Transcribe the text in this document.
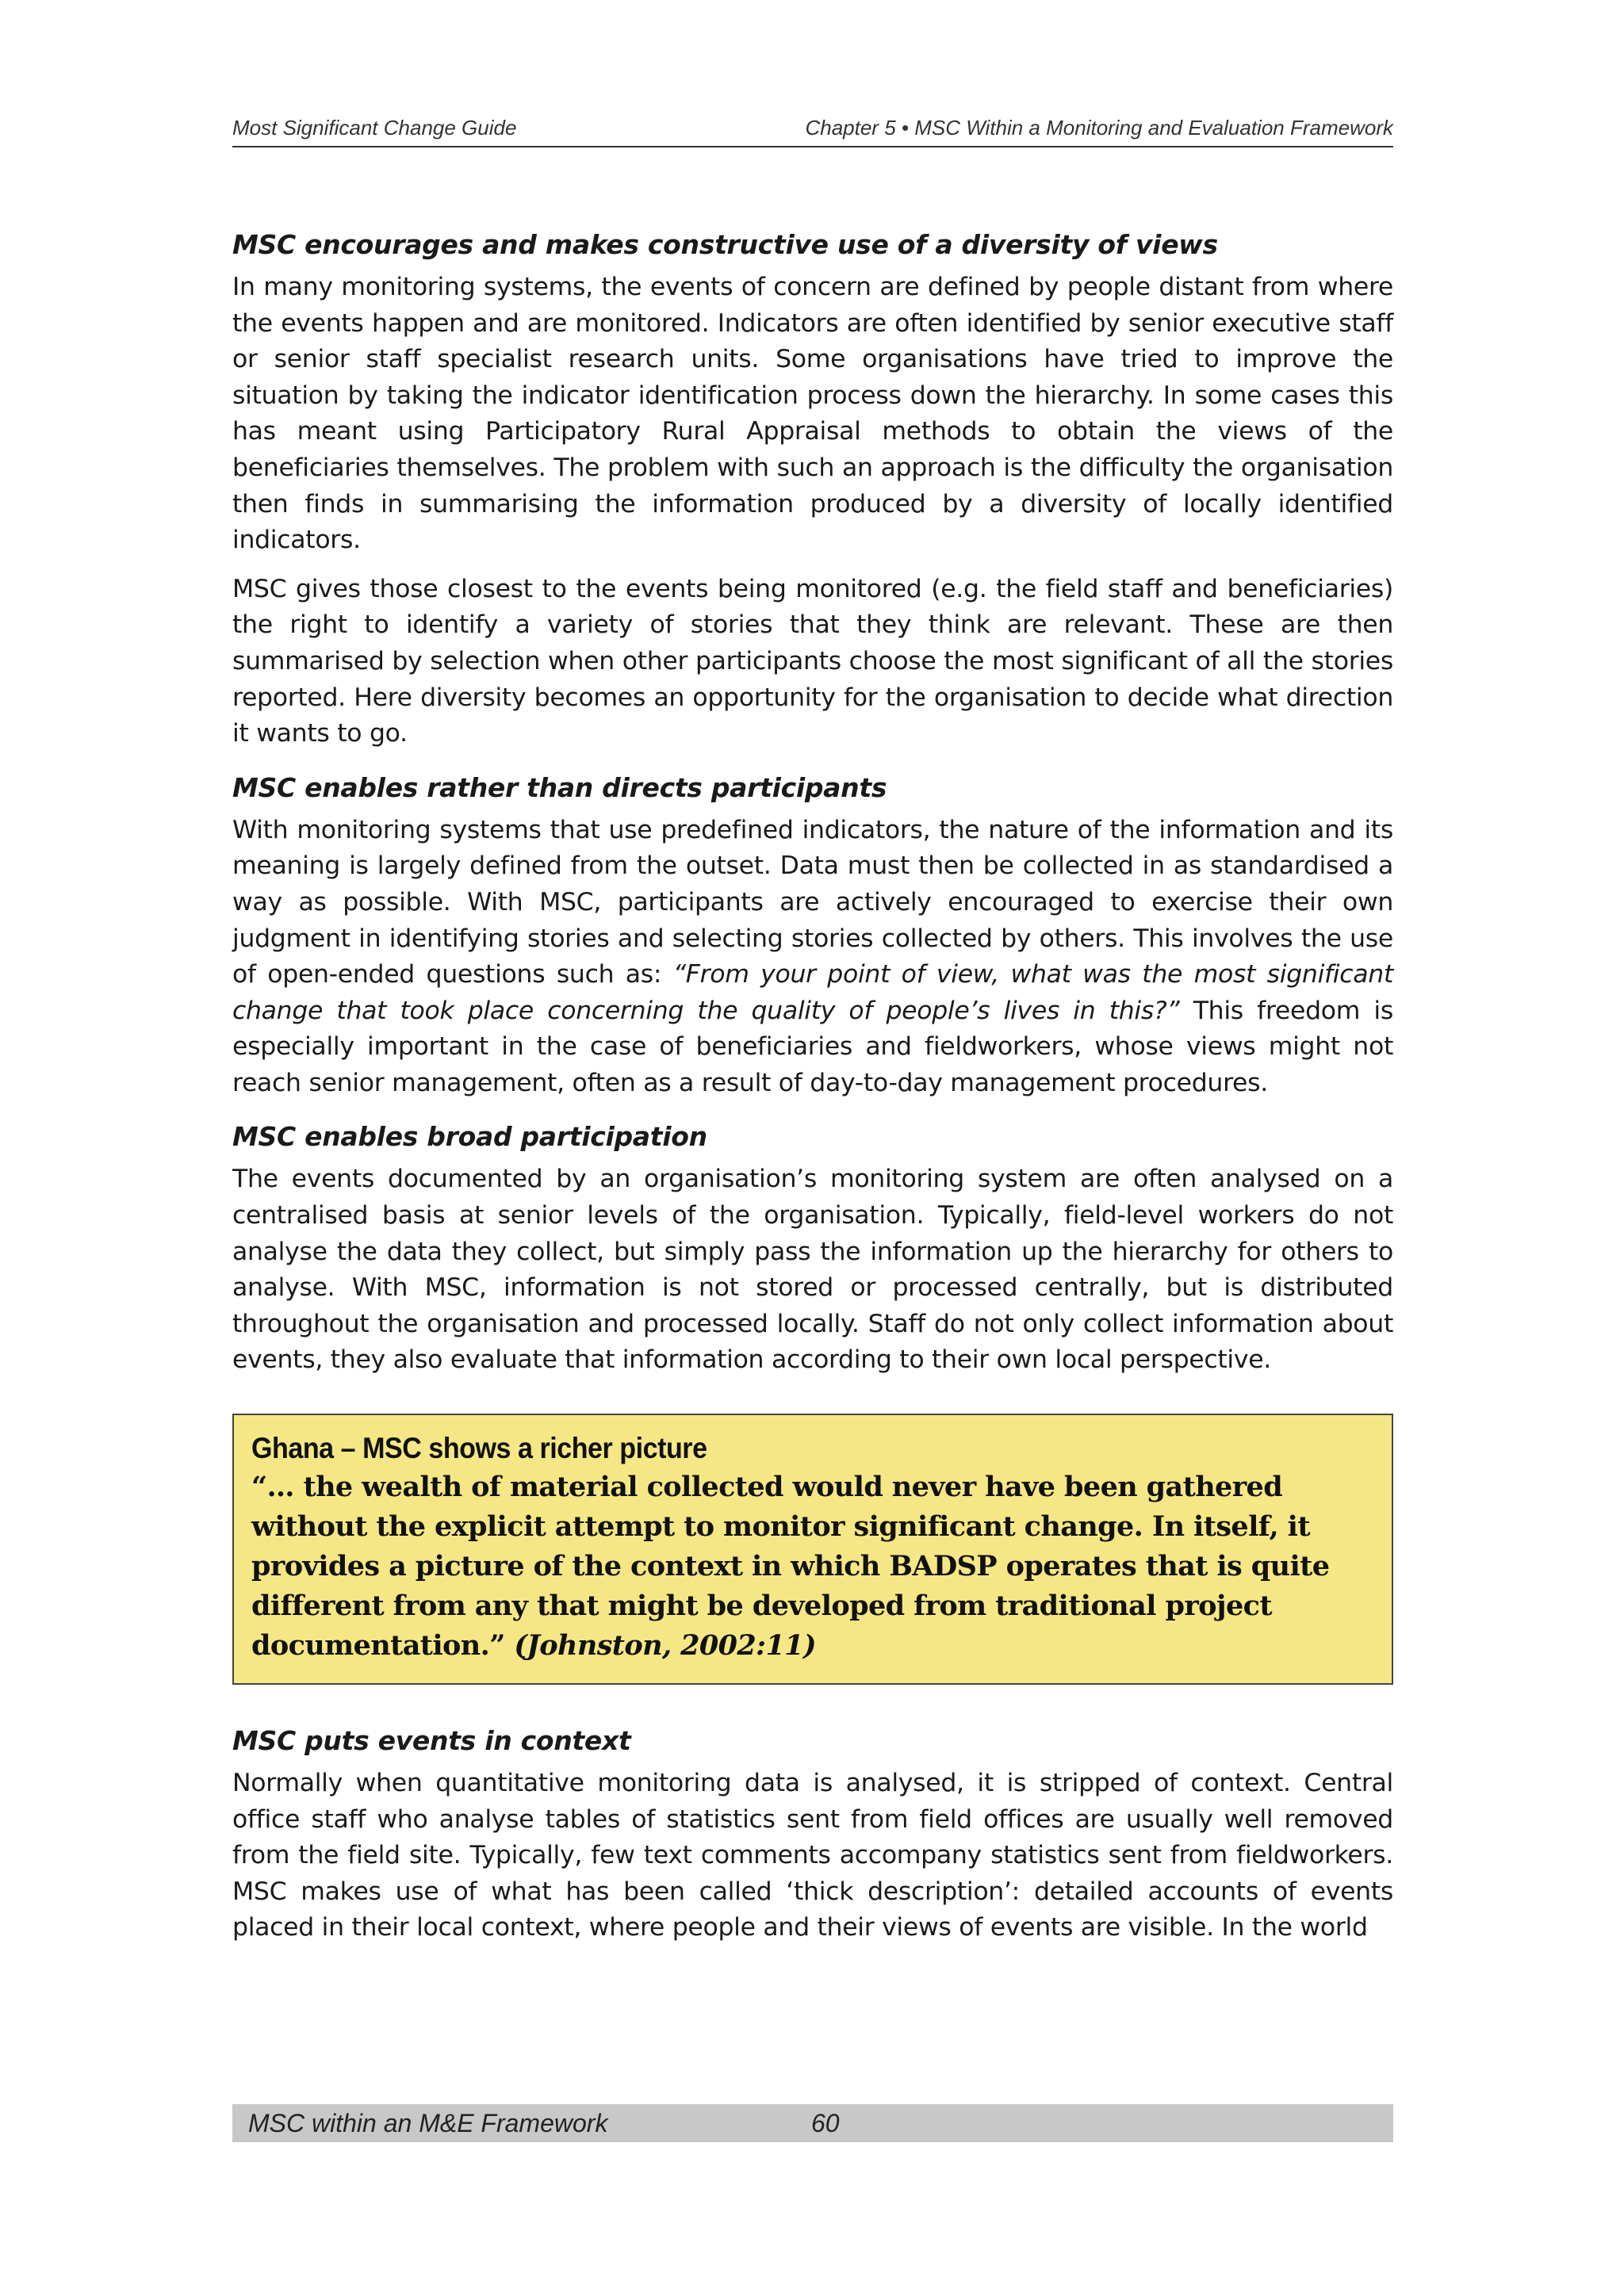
Most Significant Change Guide	Chapter 5 • MSC Within a Monitoring and Evaluation Framework
MSC encourages and makes constructive use of a diversity of views

In many monitoring systems, the events of concern are defined by people distant from where the events happen and are monitored. Indicators are often identified by senior executive staff or senior staff specialist research units. Some organisations have tried to improve the situation by taking the indicator identification process down the hierarchy. In some cases this has meant using Participatory Rural Appraisal methods to obtain the views of the beneficiaries themselves. The problem with such an approach is the difficulty the organisation then finds in summarising the information produced by a diversity of locally identified indicators.

MSC gives those closest to the events being monitored (e.g. the field staff and beneficiaries) the right to identify a variety of stories that they think are relevant. These are then summarised by selection when other participants choose the most significant of all the stories reported. Here diversity becomes an opportunity for the organisation to decide what direction it wants to go.

MSC enables rather than directs participants

With monitoring systems that use predefined indicators, the nature of the information and its meaning is largely defined from the outset. Data must then be collected in as standardised a way as possible. With MSC, participants are actively encouraged to exercise their own judgment in identifying stories and selecting stories collected by others. This involves the use of open-ended questions such as: “From your point of view, what was the most significant change that took place concerning the quality of people’s lives in this?” This freedom is especially important in the case of beneficiaries and fieldworkers, whose views might not reach senior management, often as a result of day-to-day management procedures.

MSC enables broad participation

The events documented by an organisation’s monitoring system are often analysed on a centralised basis at senior levels of the organisation. Typically, field-level workers do not analyse the data they collect, but simply pass the information up the hierarchy for others to analyse. With MSC, information is not stored or processed centrally, but is distributed throughout the organisation and processed locally. Staff do not only collect information about events, they also evaluate that information according to their own local perspective.

Ghana – MSC shows a richer picture
“… the wealth of material collected would never have been gathered without the explicit attempt to monitor significant change. In itself, it provides a picture of the context in which BADSP operates that is quite different from any that might be developed from traditional project documentation.” (Johnston, 2002:11)
MSC puts events in context

Normally when quantitative monitoring data is analysed, it is stripped of context. Central office staff who analyse tables of statistics sent from field offices are usually well removed from the field site. Typically, few text comments accompany statistics sent from fieldworkers. MSC makes use of what has been called ‘thick description’: detailed accounts of events placed in their local context, where people and their views of events are visible. In the world

MSC within an M&E Framework	60
